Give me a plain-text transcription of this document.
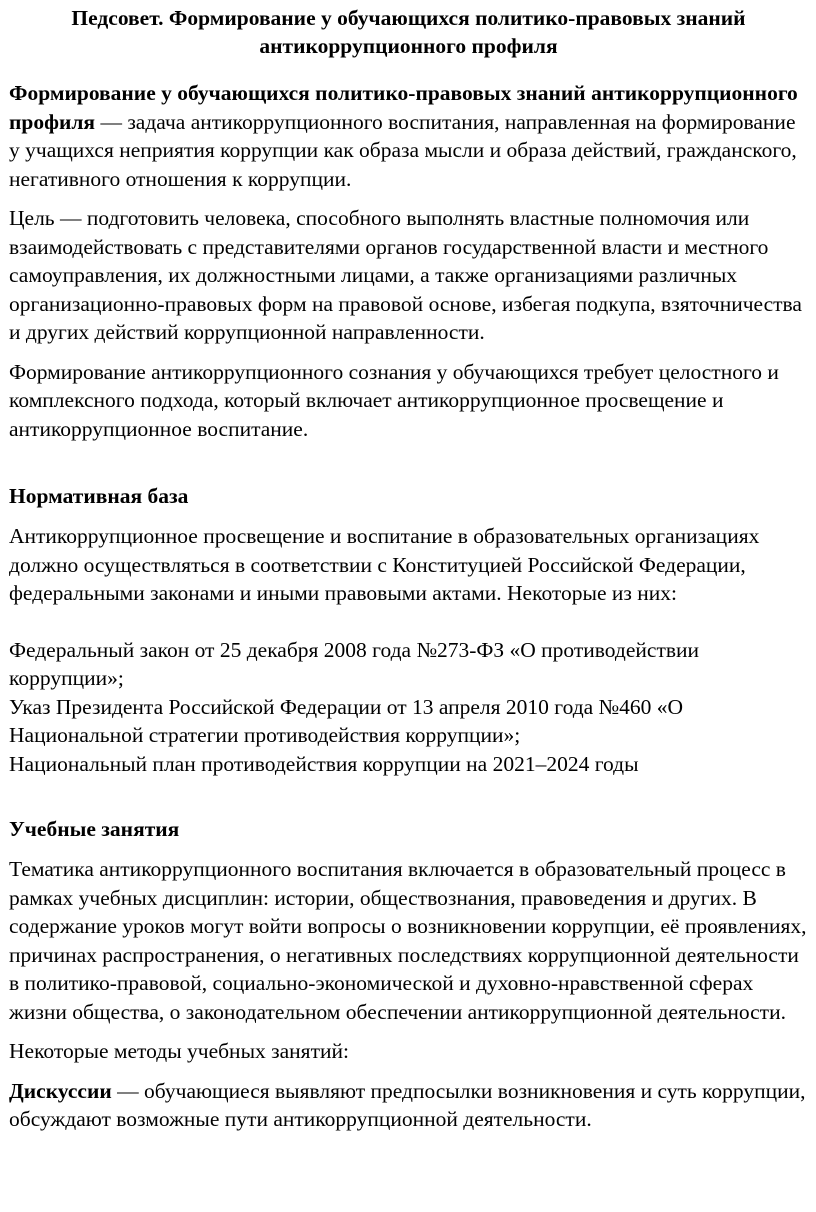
Педсовет. Формирование у обучающихся политико-правовых знаний антикоррупционного профиля

Формирование у обучающихся политико-правовых знаний антикоррупционного профиля — задача антикоррупционного воспитания, направленная на формирование у учащихся неприятия коррупции как образа мысли и образа действий, гражданского, негативного отношения к коррупции.

Цель — подготовить человека, способного выполнять властные полномочия или взаимодействовать с представителями органов государственной власти и местного самоуправления, их должностными лицами, а также организациями различных организационно-правовых форм на правовой основе, избегая подкупа, взяточничества и других действий коррупционной направленности.

Формирование антикоррупционного сознания у обучающихся требует целостного и комплексного подхода, который включает антикоррупционное просвещение и антикоррупционное воспитание.

Нормативная база

Антикоррупционное просвещение и воспитание в образовательных организациях должно осуществляться в соответствии с Конституцией Российской Федерации, федеральными законами и иными правовыми актами. Некоторые из них:

Федеральный закон от 25 декабря 2008 года №273-ФЗ «О противодействии коррупции»;

Указ Президента Российской Федерации от 13 апреля 2010 года №460 «О Национальной стратегии противодействия коррупции»;

Национальный план противодействия коррупции на 2021–2024 годы

Учебные занятия

Тематика антикоррупционного воспитания включается в образовательный процесс в рамках учебных дисциплин: истории, обществознания, правоведения и других. В содержание уроков могут войти вопросы о возникновении коррупции, её проявлениях, причинах распространения, о негативных последствиях коррупционной деятельности в политико-правовой, социально-экономической и духовно-нравственной сферах жизни общества, о законодательном обеспечении антикоррупционной деятельности.

Некоторые методы учебных занятий:

Дискуссии — обучающиеся выявляют предпосылки возникновения и суть коррупции, обсуждают возможные пути антикоррупционной деятельности.
